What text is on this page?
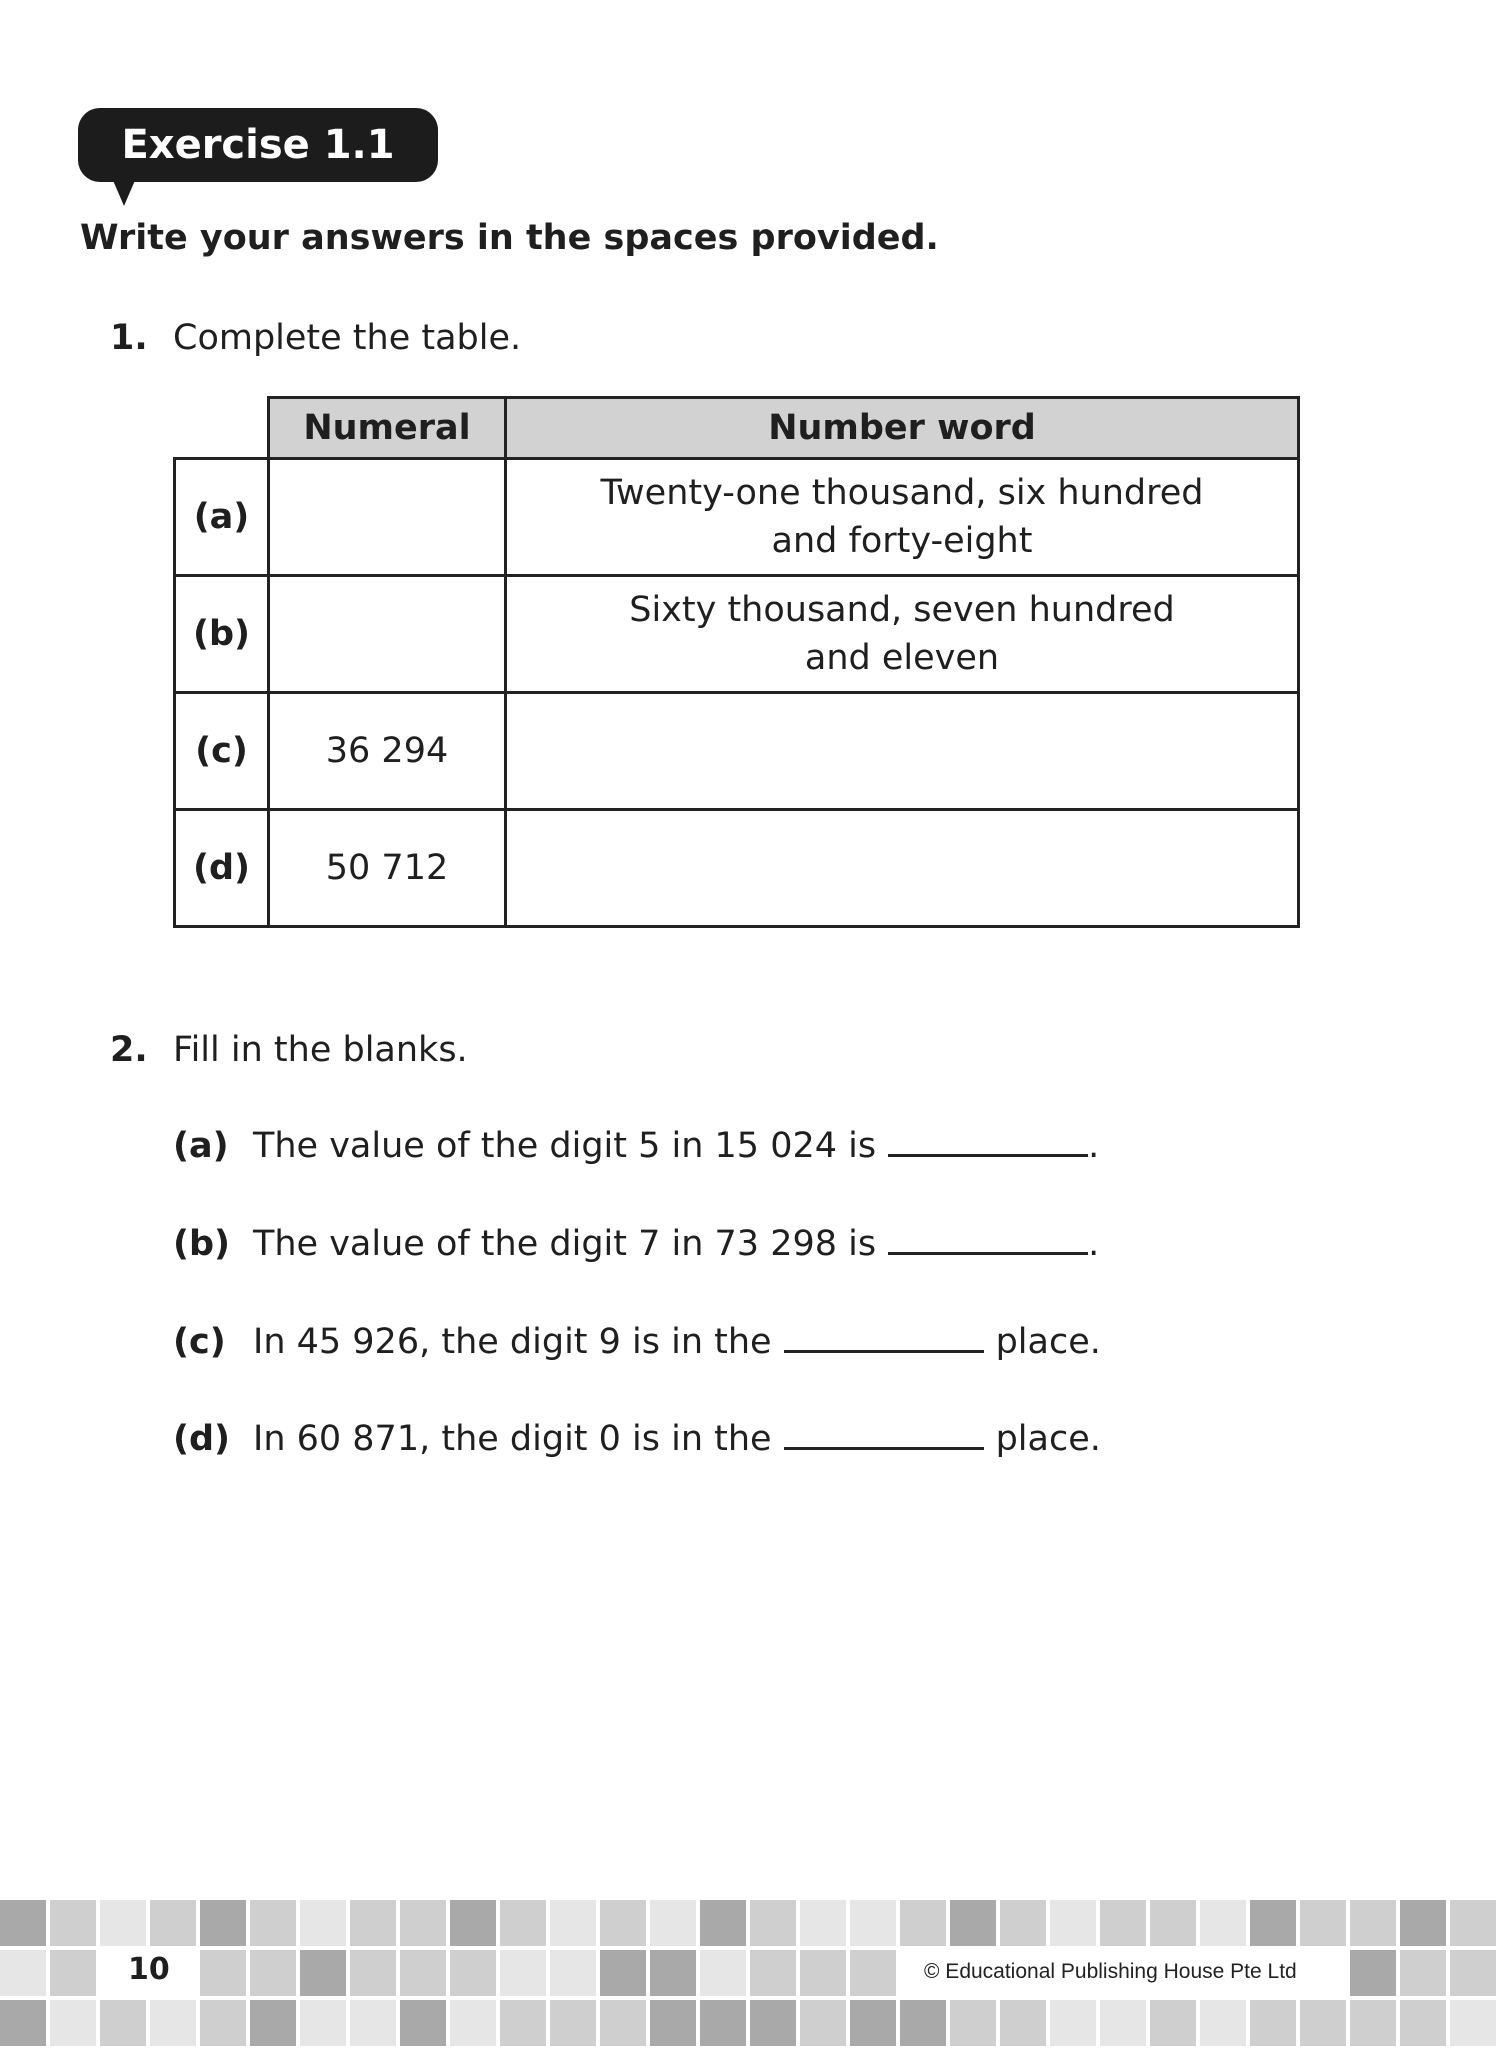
Exercise 1.1
Write your answers in the spaces provided.
1. Complete the table.
	Numeral	Number word
(a)		Twenty-one thousand, six hundred
and forty-eight

(b)		Sixty thousand, seven hundred
and eleven

(c)	36 294	

(d)	50 712	
2. Fill in the blanks.
(a) The value of the digit 5 in 15 024 is	.
(b) The value of the digit 7 in 73 298 is	.
(c) In 45 926, the digit 9 is in the	place.
(d) In 60 871, the digit 0 is in the	place.
10	© Educational Publishing House Pte Ltd
